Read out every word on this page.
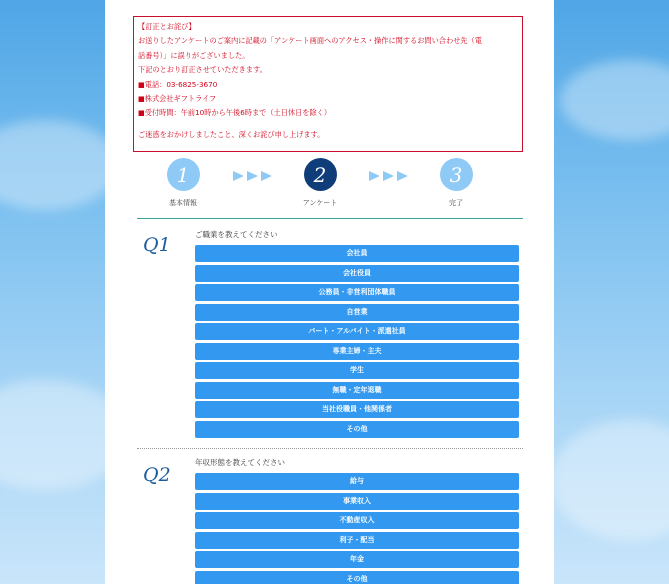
【訂正とお詫び】
お送りしたアンケートのご案内に記載の「アンケート画面へのアクセス・操作に関するお問い合わせ先（電
話番号）」に誤りがございました。
下記のとおり訂正させていただきます。
■電話：03-6825-3670
■株式会社ギフトライフ
■受付時間：午前10時から午後6時まで（土日休日を除く）
ご迷惑をおかけしましたこと、深くお詫び申し上げます。
1
基本情報
2
アンケート
3
完了
Q1	ご職業を教えてください
会社員
会社役員
公務員・非営利団体職員
自営業
パート・アルバイト・派遣社員
専業主婦・主夫
学生
無職・定年退職
当社役職員・他関係者
その他
Q2
年収形態を教えてください
給与
事業収入
不動産収入
利子・配当
年金
その他
